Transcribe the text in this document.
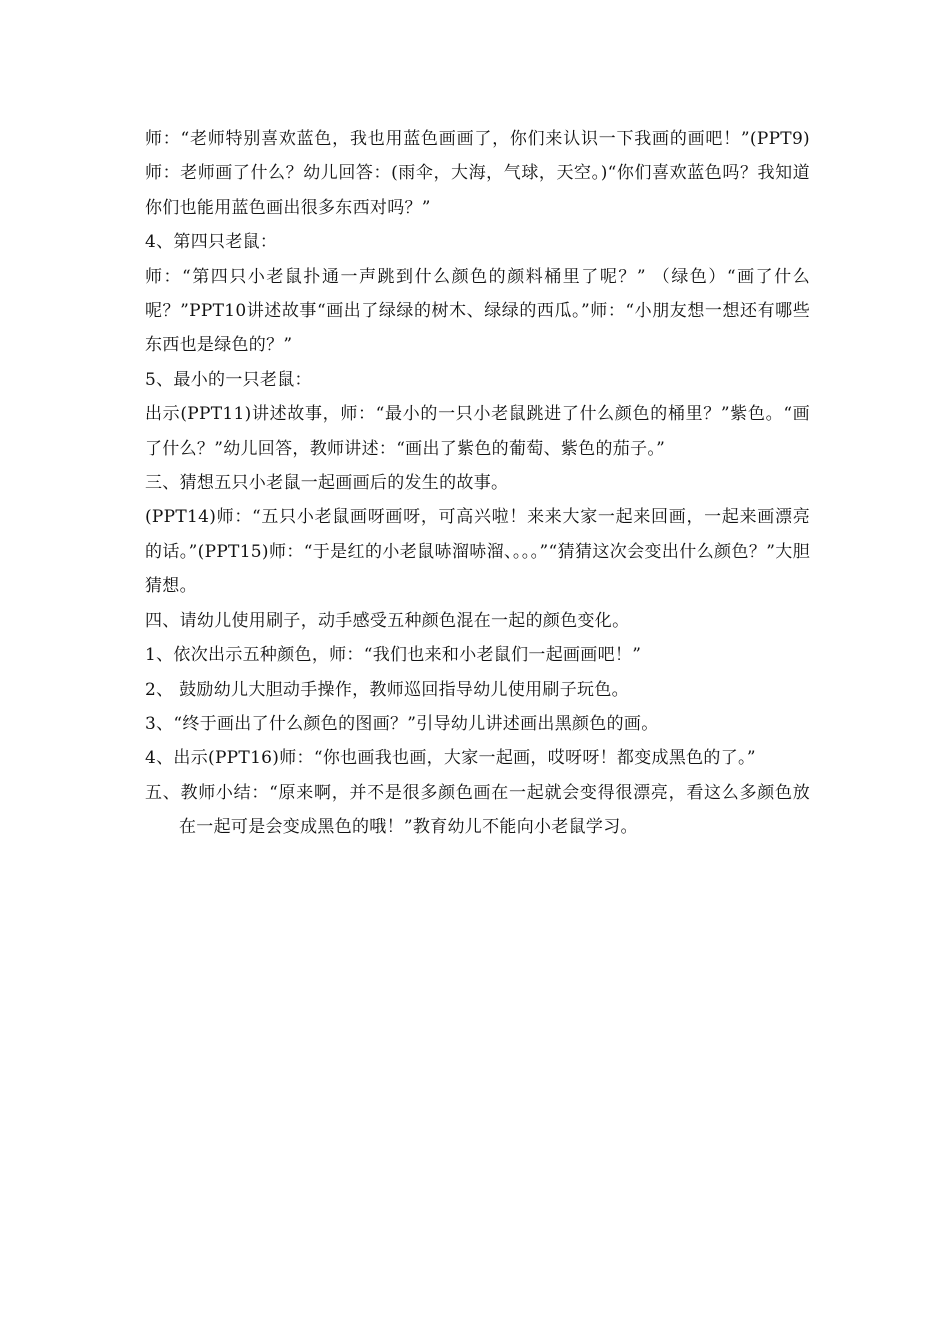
师：“老师特别喜欢蓝色，我也用蓝色画画了，你们来认识一下我画的画吧！”(PPT9)师：老师画了什么？幼儿回答：(雨伞，大海，气球，天空。)“你们喜欢蓝色吗？我知道你们也能用蓝色画出很多东西对吗？”

4、第四只老鼠：

师：“第四只小老鼠扑通一声跳到什么颜色的颜料桶里了呢？” （绿色）“画了什么呢？”PPT10讲述故事“画出了绿绿的树木、绿绿的西瓜。”师：“小朋友想一想还有哪些东西也是绿色的？”

5、最小的一只老鼠：

出示(PPT11)讲述故事，师：“最小的一只小老鼠跳进了什么颜色的桶里？”紫色。“画了什么？”幼儿回答，教师讲述：“画出了紫色的葡萄、紫色的茄子。”

三、猜想五只小老鼠一起画画后的发生的故事。

(PPT14)师：“五只小老鼠画呀画呀，可高兴啦！来来大家一起来回画，一起来画漂亮的话。”(PPT15)师：“于是红的小老鼠哧溜哧溜、。。。”“猜猜这次会变出什么颜色？”大胆猜想。

四、请幼儿使用刷子，动手感受五种颜色混在一起的颜色变化。

1、依次出示五种颜色，师：“我们也来和小老鼠们一起画画吧！”

2、 鼓励幼儿大胆动手操作，教师巡回指导幼儿使用刷子玩色。

3、“终于画出了什么颜色的图画？”引导幼儿讲述画出黑颜色的画。

4、出示(PPT16)师：“你也画我也画，大家一起画，哎呀呀！都变成黑色的了。”

五、教师小结：“原来啊，并不是很多颜色画在一起就会变得很漂亮，看这么多颜色放在一起可是会变成黑色的哦！”教育幼儿不能向小老鼠学习。
